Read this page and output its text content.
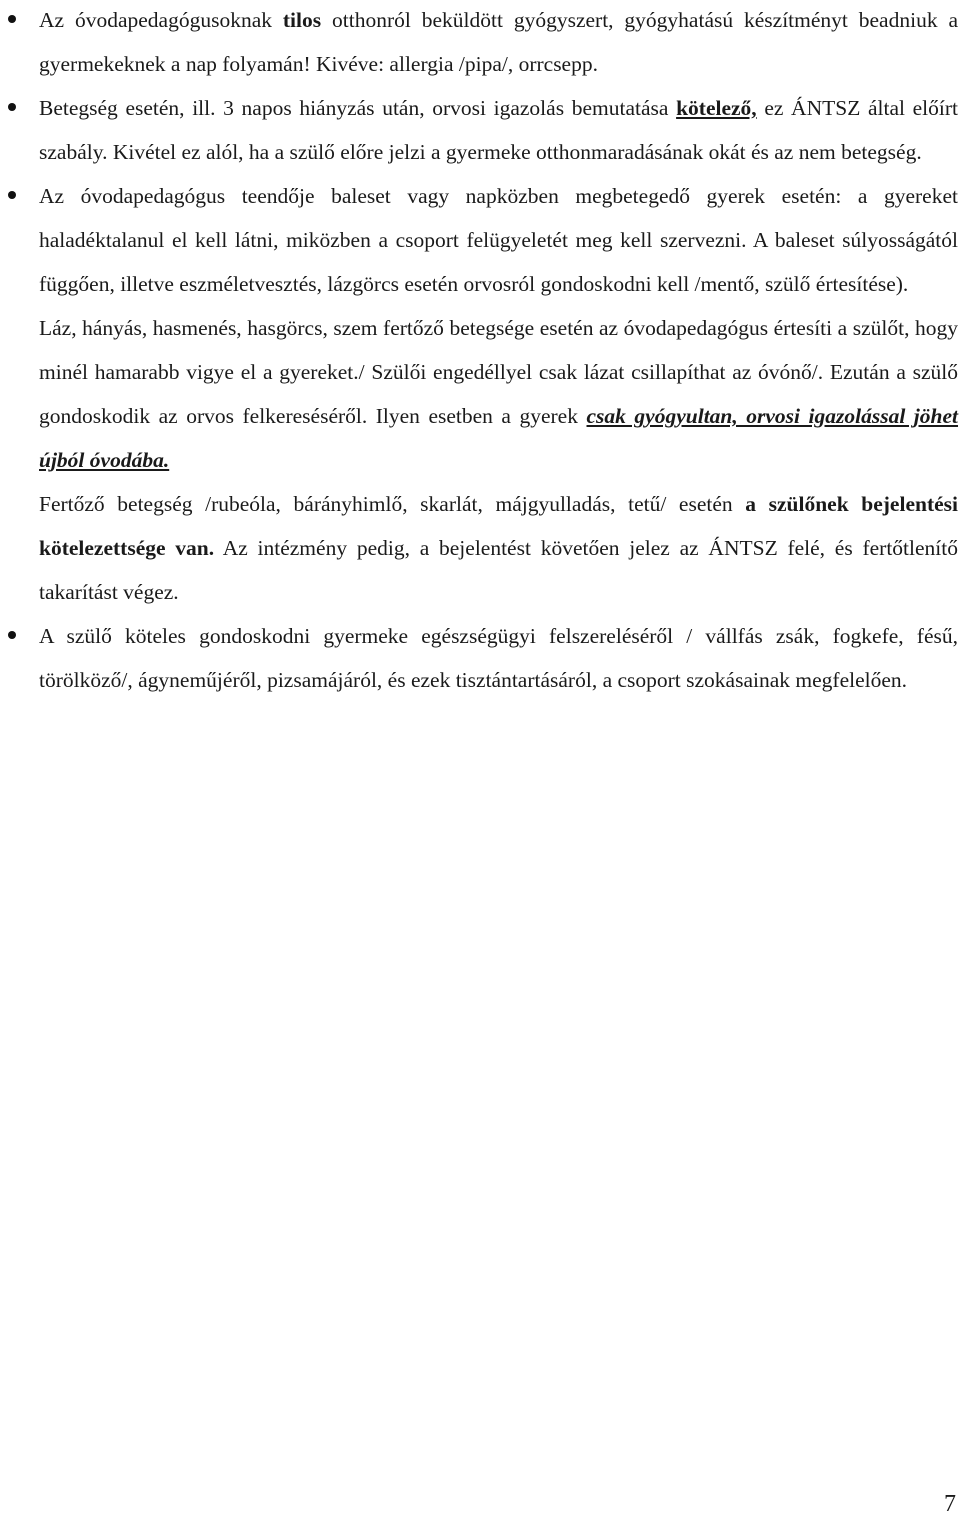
Az óvodapedagógusoknak tilos otthonról beküldött gyógyszert, gyógyhatású készítményt beadniuk a gyermekeknek a nap folyamán! Kivéve: allergia /pipa/, orrcsepp.

Betegség esetén, ill. 3 napos hiányzás után, orvosi igazolás bemutatása kötelező, ez ÁNTSZ által előírt szabály. Kivétel ez alól, ha a szülő előre jelzi a gyermeke otthonmaradásának okát és az nem betegség.

Az óvodapedagógus teendője baleset vagy napközben megbetegedő gyerek esetén: a gyereket haladéktalanul el kell látni, miközben a csoport felügyeletét meg kell szervezni. A baleset súlyosságától függően, illetve eszméletvesztés, lázgörcs esetén orvosról gondoskodni kell /mentő, szülő értesítése).

Láz, hányás, hasmenés, hasgörcs, szem fertőző betegsége esetén az óvodapedagógus értesíti a szülőt, hogy minél hamarabb vigye el a gyereket./ Szülői engedéllyel csak lázat csillapíthat az óvónő/. Ezután a szülő gondoskodik az orvos felkereséséről. Ilyen esetben a gyerek csak gyógyultan, orvosi igazolással jöhet újból óvodába.

Fertőző betegség /rubeóla, bárányhimlő, skarlát, májgyulladás, tetű/ esetén a szülőnek bejelentési kötelezettsége van. Az intézmény pedig, a bejelentést követően jelez az ÁNTSZ felé, és fertőtlenítő takarítást végez.

A szülő köteles gondoskodni gyermeke egészségügyi felszereléséről / vállfás zsák, fogkefe, fésű, törölköző/, ágyneműjéről, pizsamájáról, és ezek tisztántartásáról, a csoport szokásainak megfelelően.

7
